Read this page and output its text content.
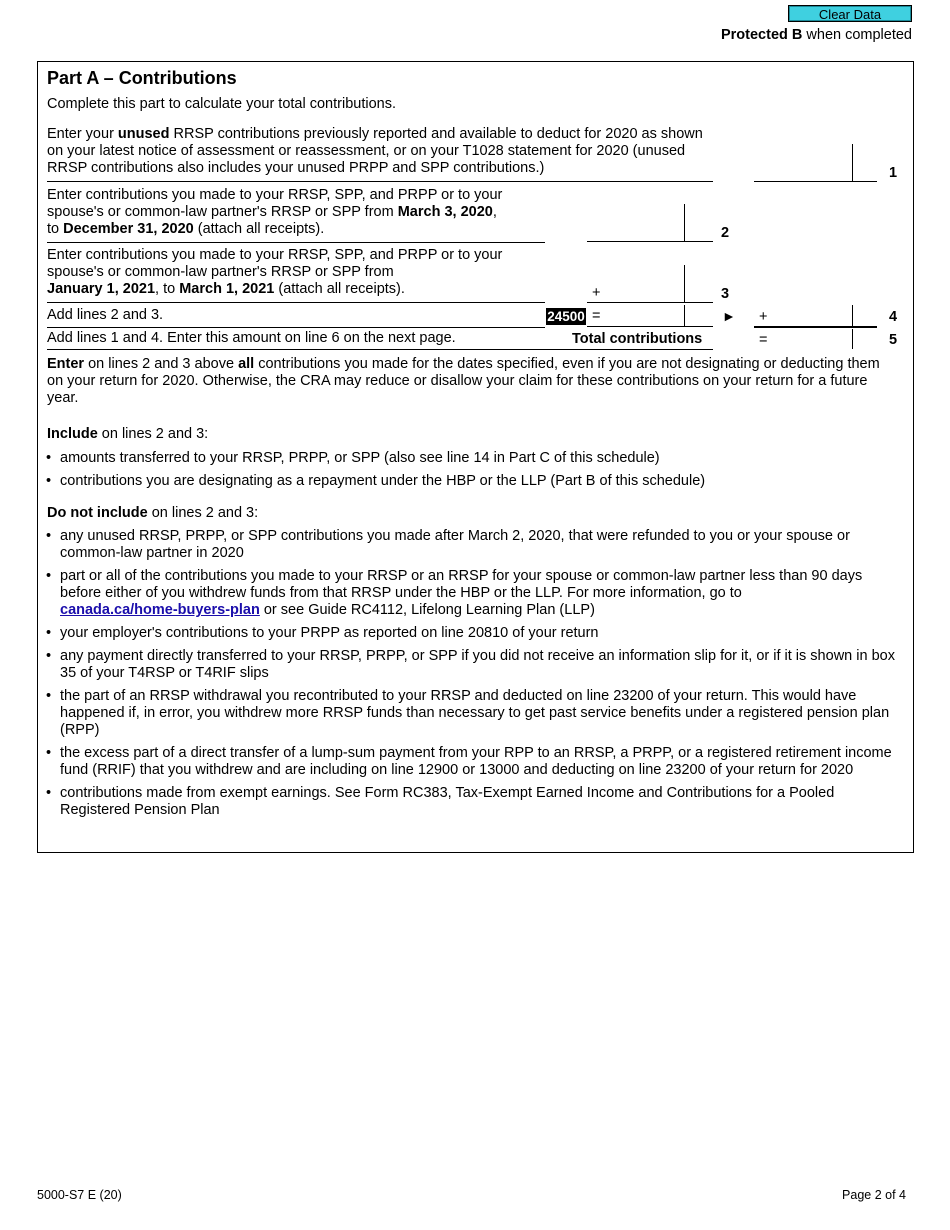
Clear Data
Protected B when completed
Part A – Contributions
Complete this part to calculate your total contributions.
Enter your unused RRSP contributions previously reported and available to deduct for 2020 as shown on your latest notice of assessment or reassessment, or on your T1028 statement for 2020 (unused RRSP contributions also includes your unused PRPP and SPP contributions.)	1
Enter contributions you made to your RRSP, SPP, and PRPP or to your spouse's or common-law partner's RRSP or SPP from March 3, 2020,
to December 31, 2020 (attach all receipts).	2
Enter contributions you made to your RRSP, SPP, and PRPP or to your spouse's or common-law partner's RRSP or SPP from
January 1, 2021, to March 1, 2021 (attach all receipts).	+	3
Add lines 2 and 3.	24500 =	► +	4
Add lines 1 and 4. Enter this amount on line 6 on the next page.	Total contributions	=	5
Enter on lines 2 and 3 above all contributions you made for the dates specified, even if you are not designating or deducting them on your return for 2020. Otherwise, the CRA may reduce or disallow your claim for these contributions on your return for a future year.
Include on lines 2 and 3:
• amounts transferred to your RRSP, PRPP, or SPP (also see line 14 in Part C of this schedule)
• contributions you are designating as a repayment under the HBP or the LLP (Part B of this schedule)
Do not include on lines 2 and 3:
• any unused RRSP, PRPP, or SPP contributions you made after March 2, 2020, that were refunded to you or your spouse or common-law partner in 2020
• part or all of the contributions you made to your RRSP or an RRSP for your spouse or common-law partner less than 90 days before either of you withdrew funds from that RRSP under the HBP or the LLP. For more information, go to
canada.ca/home-buyers-plan or see Guide RC4112, Lifelong Learning Plan (LLP)
• your employer's contributions to your PRPP as reported on line 20810 of your return
• any payment directly transferred to your RRSP, PRPP, or SPP if you did not receive an information slip for it, or if it is shown in box 35 of your T4RSP or T4RIF slips
• the part of an RRSP withdrawal you recontributed to your RRSP and deducted on line 23200 of your return. This would have happened if, in error, you withdrew more RRSP funds than necessary to get past service benefits under a registered pension plan (RPP)
• the excess part of a direct transfer of a lump-sum payment from your RPP to an RRSP, a PRPP, or a registered retirement income fund (RRIF) that you withdrew and are including on line 12900 or 13000 and deducting on line 23200 of your return for 2020
• contributions made from exempt earnings. See Form RC383, Tax-Exempt Earned Income and Contributions for a Pooled Registered Pension Plan
5000-S7 E (20)	Page 2 of 4
